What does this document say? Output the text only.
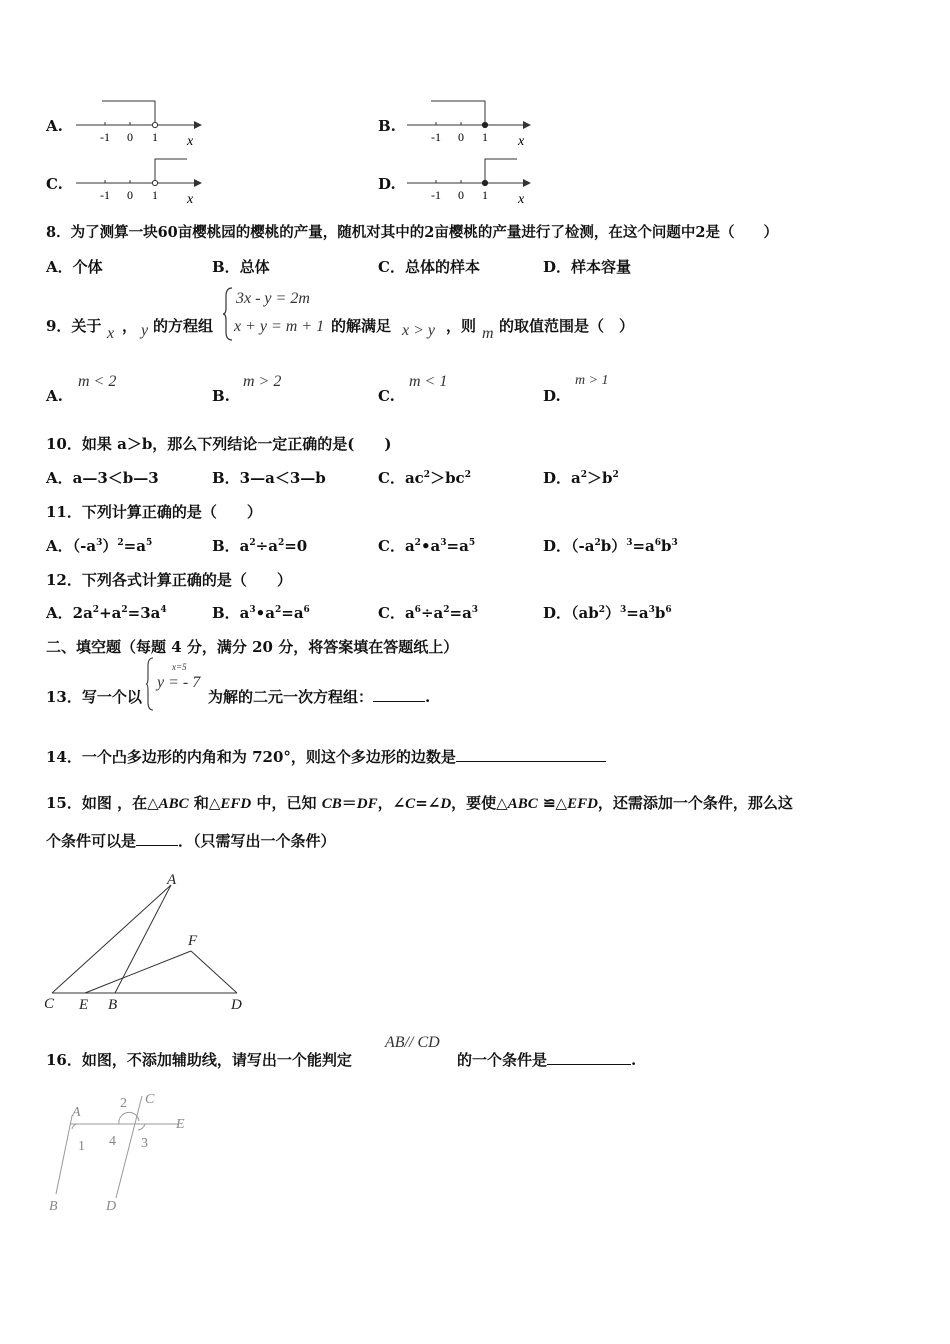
A.
-1 0 1 x
B.
-1 0 1 x
C.
-1 0 1 x
D.
-1 0 1 x
8．为了测算一块60亩樱桃园的樱桃的产量，随机对其中的2亩樱桃的产量进行了检测，在这个问题中2是（　　）
A．个体	B．总体	C．总体的样本	D．样本容量
9．关于 x ， y 的方程组
3x - y = 2m
x + y = m + 1 的解满足 x > y ，则 m 的取值范围是（　）
A.
m < 2
B.
m > 2
C.
m < 1
D.
m > 1
10．如果 a＞b，那么下列结论一定正确的是(　　)
A．a—3＜b—3	B．3—a＜3—b	C．$ac^2>bc^2$	D．$a^2>b^2$
11．下列计算正确的是（　　）
A．$(-a^3)^2=a^5$	B．$a^2\div a^2=0$	C．$a^2•a^3=a^5$	D．$(-a^2b)^3=a^6b^3$
12．下列各式计算正确的是（　　）
A．$2a^2+a^2=3a^4$	B．$a^3•a^2=a^6$	C．$a^6\div a^2=a^3$	D．$(ab^2)^3=a^3b^6$
二、填空题（每题 4 分，满分 20 分，将答案填在答题纸上）
13．写一个以
x=5
y = - 7
为解的二元一次方程组：	.
14．一个凸多边形的内角和为 720°，则这个多边形的边数是
15．如图 ，在△ABC 和△EFD 中，已知 CB＝DF，∠C=∠D，要使△ABC ≌△EFD，还需添加一个条件，那么这
个条件可以是	．（只需写出一个条件）
A
F
C E B	D
16．如图，不添加辅助线，请写出一个能判定
AB// CD
的一个条件是	.
A
2 C
E
1 4 3
B	D
